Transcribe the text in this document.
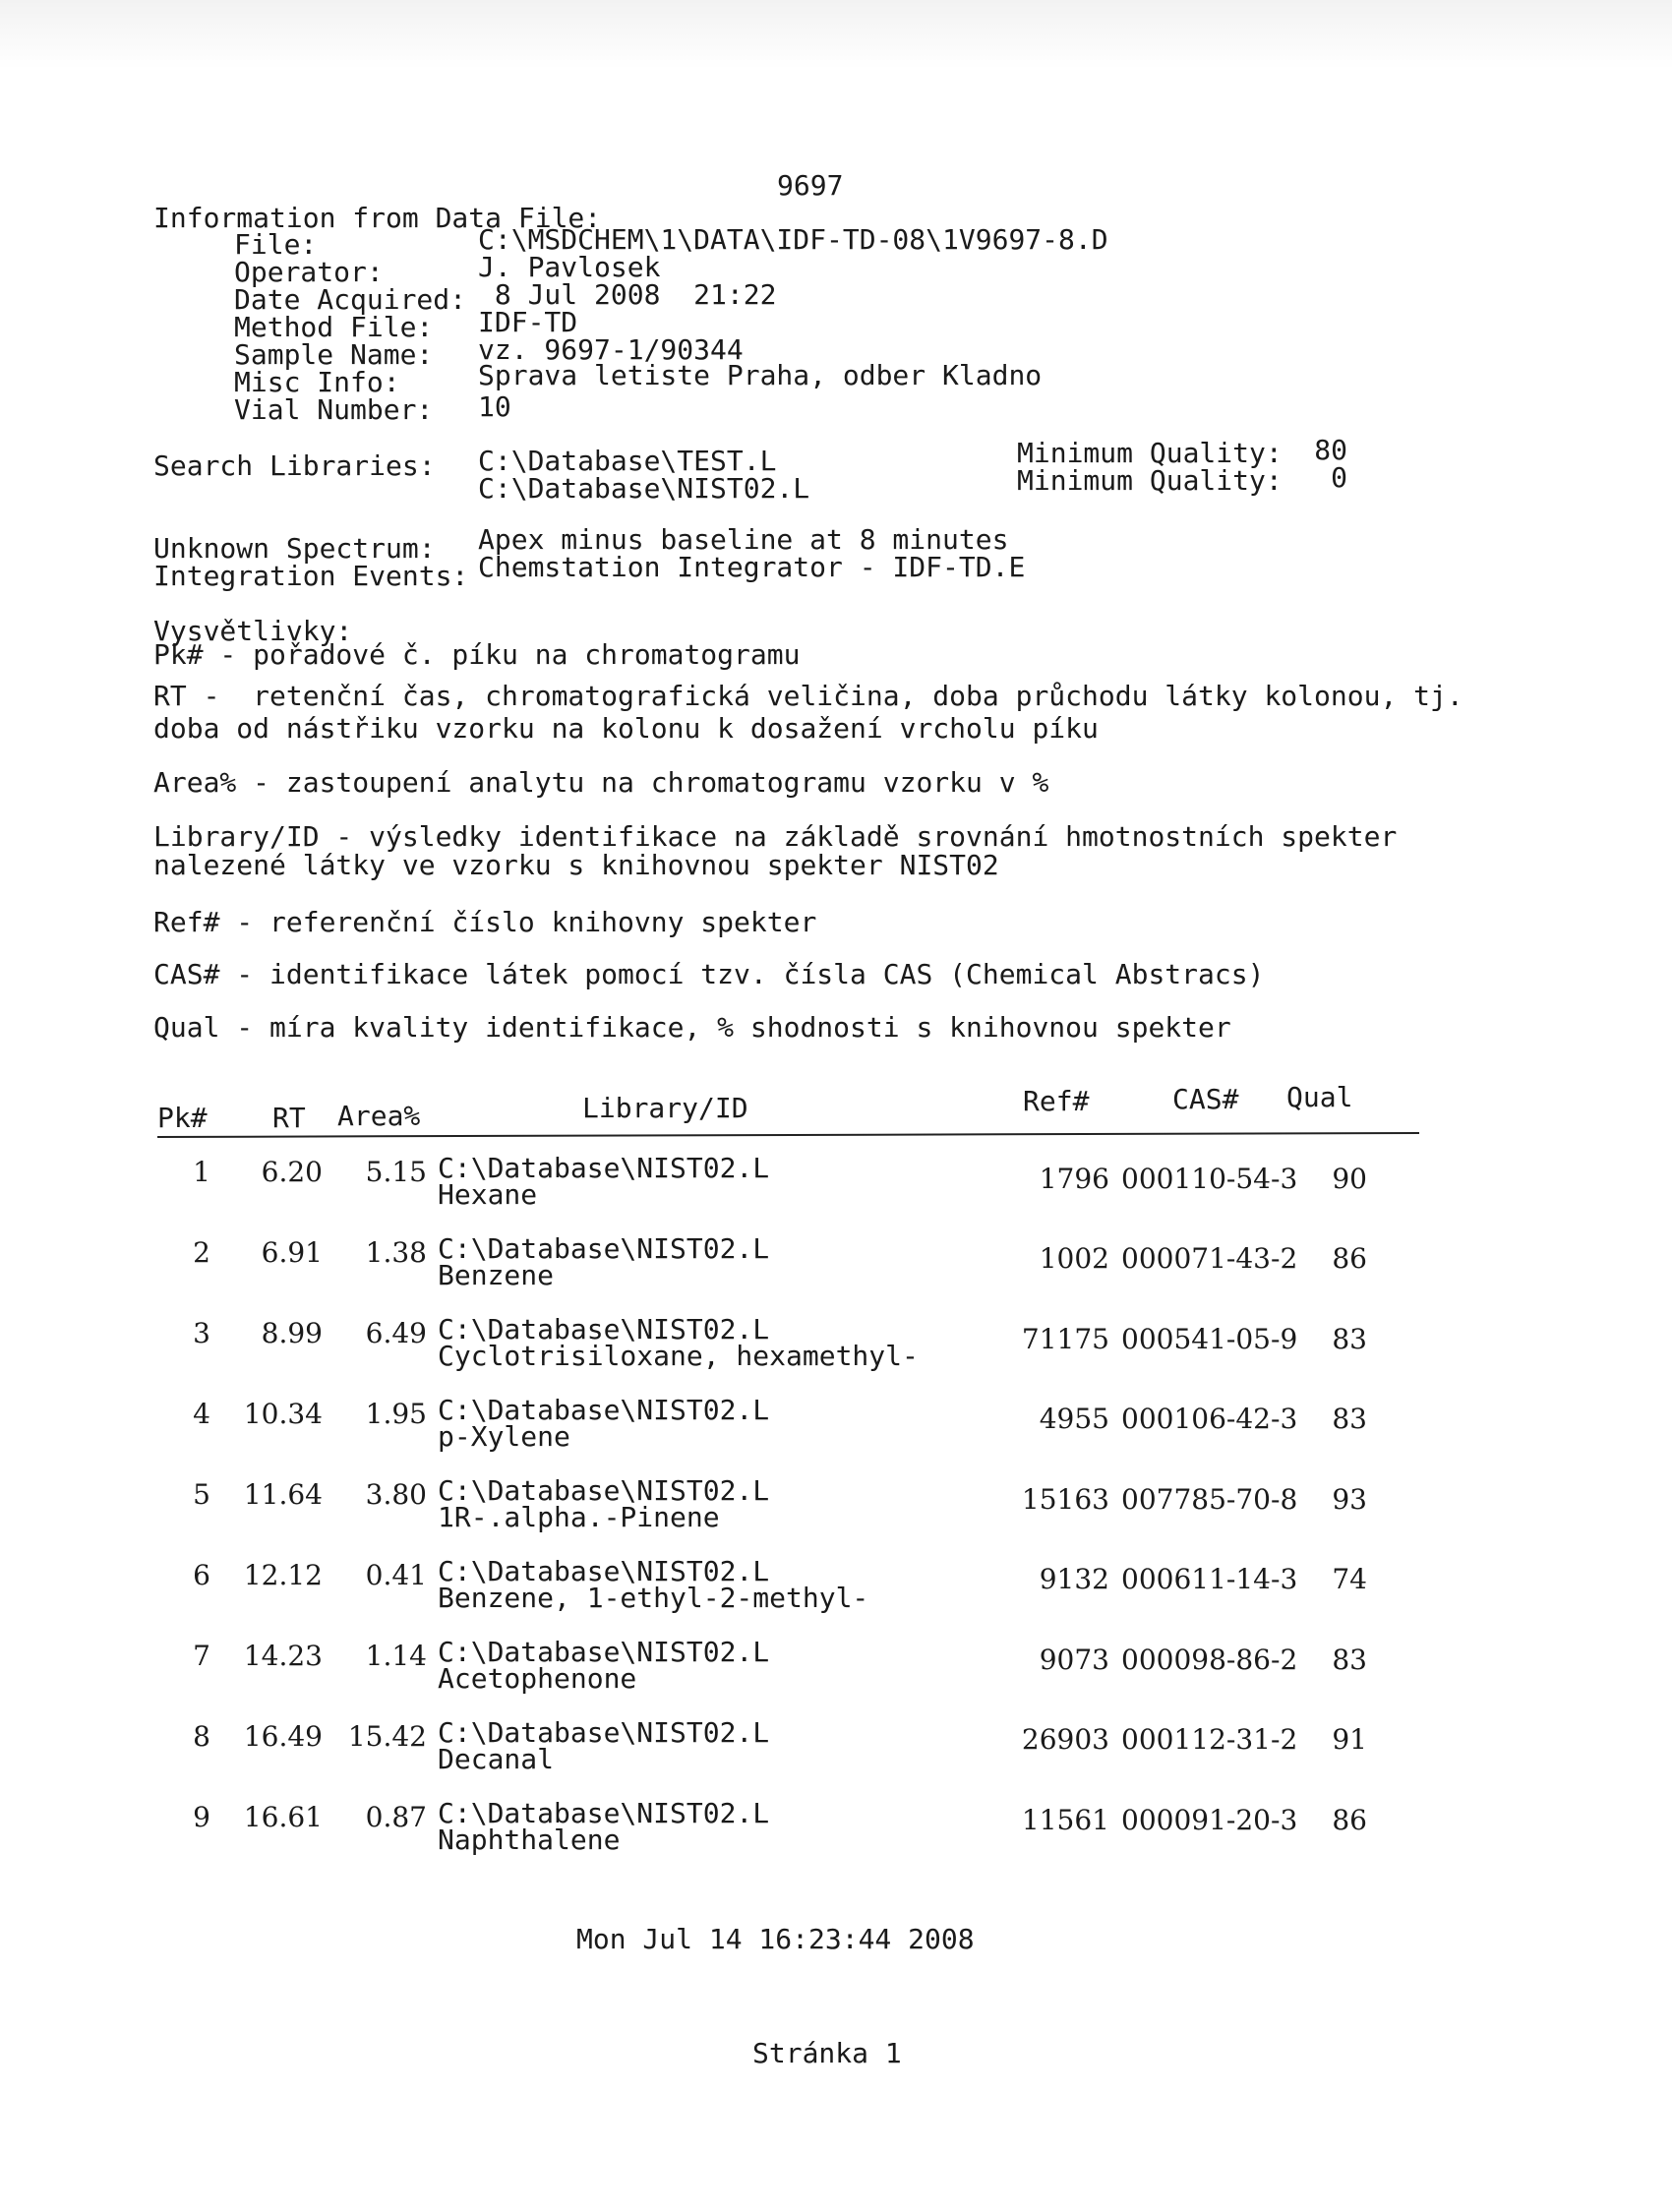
9697
Information from Data File:
File:	C:\MSDCHEM\1\DATA\IDF-TD-08\1V9697-8.D
Operator:	J. Pavlosek
Date Acquired: 8 Jul 2008  21:22
Method File: IDF-TD
Sample Name: vz. 9697-1/90344
Misc Info:	Sprava letiste Praha, odber Kladno
Vial Number: 10
Search Libraries: C:\Database\TEST.L	Minimum Quality:	80
C:\Database\NIST02.L	Minimum Quality:	0
Unknown Spectrum: Apex minus baseline at 8 minutes
Integration Events: Chemstation Integrator - IDF-TD.E
Vysvětlivky:
Pk# - pořadové č. píku na chromatogramu
RT -  retenční čas, chromatografická veličina, doba průchodu látky kolonou, tj.
doba od nástřiku vzorku na kolonu k dosažení vrcholu píku
Area% - zastoupení analytu na chromatogramu vzorku v %
Library/ID - výsledky identifikace na základě srovnání hmotnostních spekter
nalezené látky ve vzorku s knihovnou spekter NIST02
Ref# - referenční číslo knihovny spekter
CAS# - identifikace látek pomocí tzv. čísla CAS (Chemical Abstracs)
Qual - míra kvality identifikace, % shodnosti s knihovnou spekter
Pk# RT Area%	Library/ID	Ref#	CAS# Qual
1	6.20	5.15 C:\Database\NIST02.L
Hexane	1796 000110-54-3	90
2	6.91	1.38 C:\Database\NIST02.L
Benzene
1002 000071-43-2	86
3	8.99	6.49 C:\Database\NIST02.L
Cyclotrisiloxane, hexamethyl-
71175 000541-05-9	83
4	10.34	1.95 C:\Database\NIST02.L
p-Xylene
4955 000106-42-3	83
5	11.64	3.80 C:\Database\NIST02.L
1R-.alpha.-Pinene
15163 007785-70-8	93
6	12.12	0.41 C:\Database\NIST02.L
Benzene, 1-ethyl-2-methyl-
9132 000611-14-3	74
7	14.23	1.14 C:\Database\NIST02.L
Acetophenone
9073 000098-86-2	83
8	16.49 15.42 C:\Database\NIST02.L
Decanal
26903 000112-31-2	91
9	16.61	0.87 C:\Database\NIST02.L
Naphthalene
11561 000091-20-3	86
Mon Jul 14 16:23:44 2008
Stránka 1
